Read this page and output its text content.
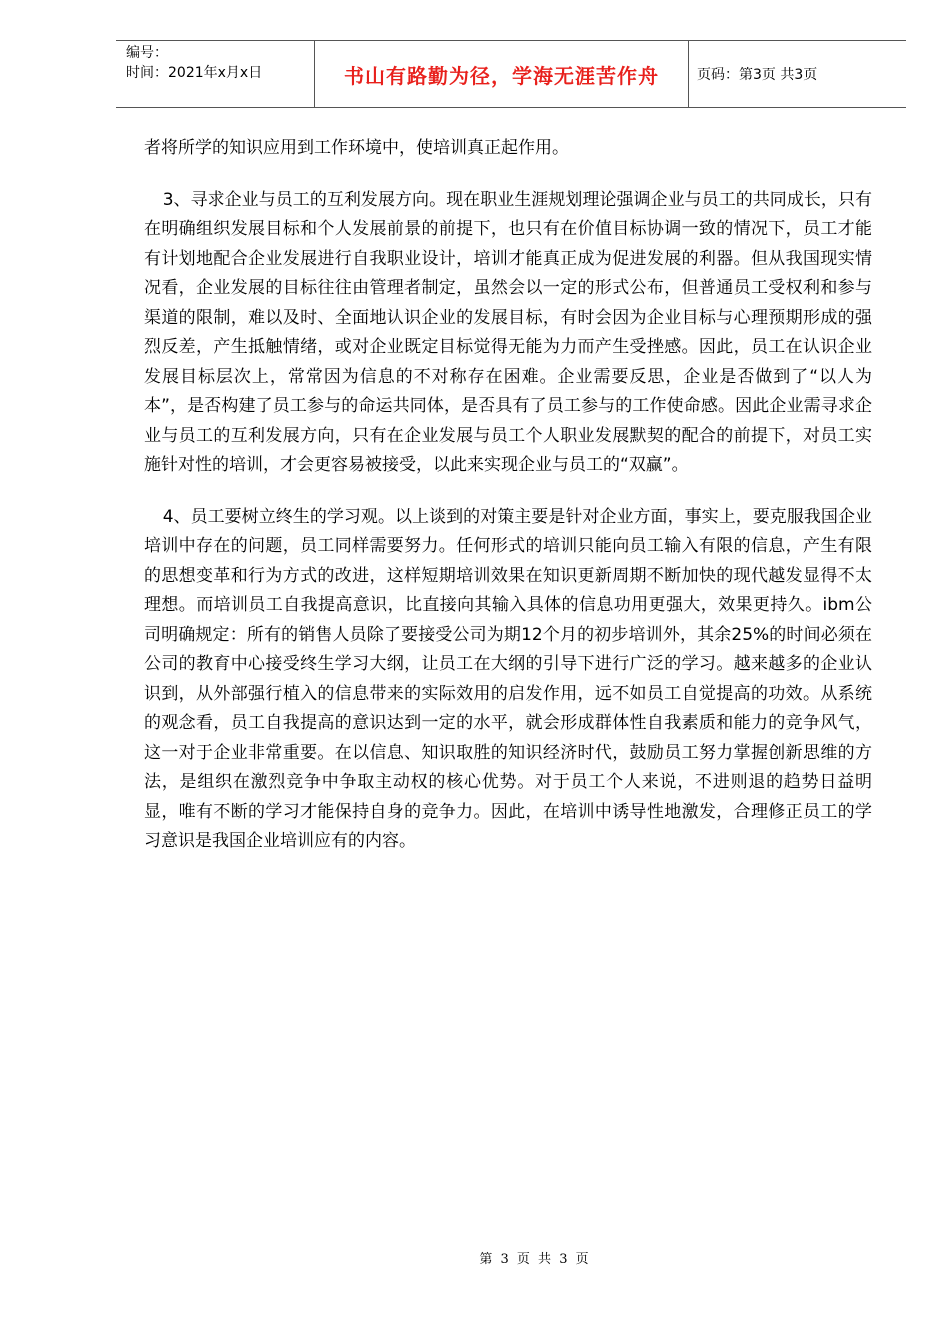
编号：
时间：2021年x月x日	书山有路勤为径，学海无涯苦作舟	页码：第3页 共3页

者将所学的知识应用到工作环境中，使培训真正起作用。

3、寻求企业与员工的互利发展方向。现在职业生涯规划理论强调企业与员工的共同成长，只有在明确组织发展目标和个人发展前景的前提下，也只有在价值目标协调一致的情况下，员工才能有计划地配合企业发展进行自我职业设计，培训才能真正成为促进发展的利器。但从我国现实情况看，企业发展的目标往往由管理者制定，虽然会以一定的形式公布，但普通员工受权利和参与渠道的限制，难以及时、全面地认识企业的发展目标，有时会因为企业目标与心理预期形成的强烈反差，产生抵触情绪，或对企业既定目标觉得无能为力而产生受挫感。因此，员工在认识企业发展目标层次上，常常因为信息的不对称存在困难。企业需要反思，企业是否做到了“以人为本”，是否构建了员工参与的命运共同体，是否具有了员工参与的工作使命感。因此企业需寻求企业与员工的互利发展方向，只有在企业发展与员工个人职业发展默契的配合的前提下，对员工实施针对性的培训，才会更容易被接受，以此来实现企业与员工的“双赢”。

4、员工要树立终生的学习观。以上谈到的对策主要是针对企业方面，事实上，要克服我国企业培训中存在的问题，员工同样需要努力。任何形式的培训只能向员工输入有限的信息，产生有限的思想变革和行为方式的改进，这样短期培训效果在知识更新周期不断加快的现代越发显得不太理想。而培训员工自我提高意识，比直接向其输入具体的信息功用更强大，效果更持久。ibm公司明确规定：所有的销售人员除了要接受公司为期12个月的初步培训外，其余25%的时间必须在公司的教育中心接受终生学习大纲，让员工在大纲的引导下进行广泛的学习。越来越多的企业认识到，从外部强行植入的信息带来的实际效用的启发作用，远不如员工自觉提高的功效。从系统的观念看，员工自我提高的意识达到一定的水平，就会形成群体性自我素质和能力的竞争风气，这一对于企业非常重要。在以信息、知识取胜的知识经济时代，鼓励员工努力掌握创新思维的方法，是组织在激烈竞争中争取主动权的核心优势。对于员工个人来说，不进则退的趋势日益明显，唯有不断的学习才能保持自身的竞争力。因此，在培训中诱导性地激发，合理修正员工的学习意识是我国企业培训应有的内容。

第 3 页 共 3 页
